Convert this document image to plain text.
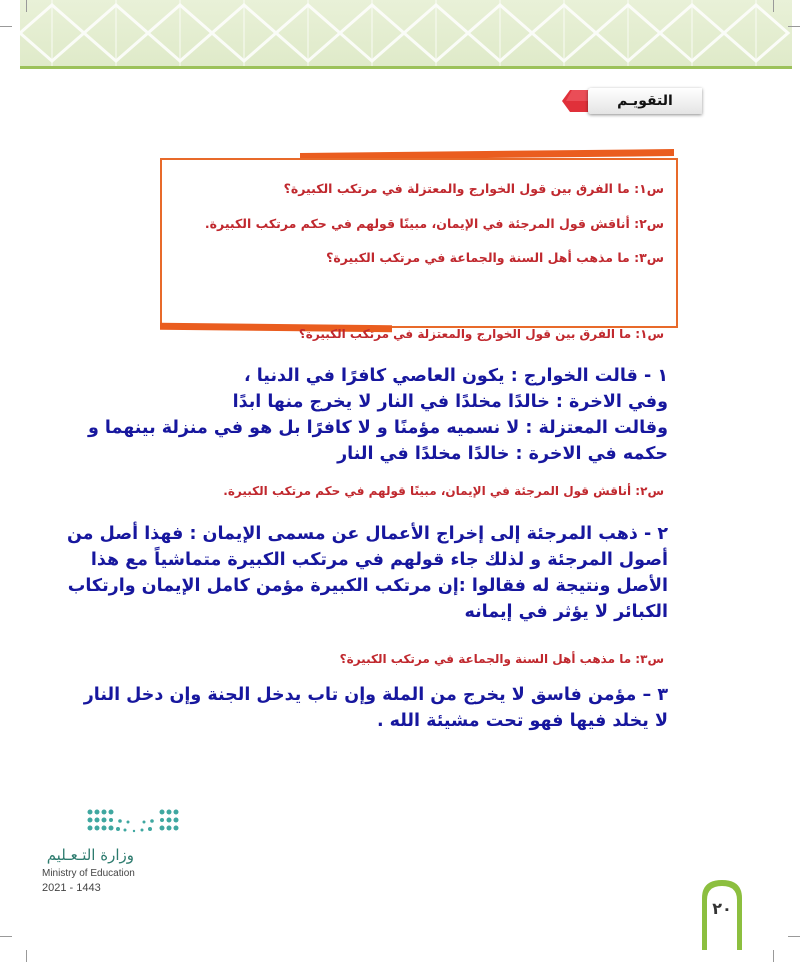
التقويـم
س١: ما الفرق بين قول الخوارج والمعتزلة في مرتكب الكبيرة؟
س٢: أناقش قول المرجئة في الإيمان، مبينًا قولهم في حكم مرتكب الكبيرة.
س٣: ما مذهب أهل السنة والجماعة في مرتكب الكبيرة؟
س١: ما الفرق بين قول الخوارج والمعتزلة في مرتكب الكبيرة؟
١ - قالت الخوارج : يكون العاصي كافرًا في الدنيا ،
وفي الاخرة : خالدًا مخلدًا في النار لا يخرج منها ابدًا
وقالت المعتزلة : لا نسميه مؤمنًا و لا كافرًا بل هو في منزلة بينهما و
حكمه في الاخرة : خالدًا مخلدًا في النار
س٢: أناقش قول المرجئة في الإيمان، مبينًا قولهم في حكم مرتكب الكبيرة.
٢ - ذهب المرجئة إلى إخراج الأعمال عن مسمى الإيمان : فهذا أصل من
أصول المرجئة و لذلك جاء قولهم في مرتكب الكبيرة متماشياً مع هذا
الأصل ونتيجة له فقالوا :إن مرتكب الكبيرة مؤمن كامل الإيمان وارتكاب
الكبائر لا يؤثر في إيمانه
س٣: ما مذهب أهل السنة والجماعة في مرتكب الكبيرة؟
٣ – مؤمن فاسق لا يخرج من الملة وإن تاب يدخل الجنة وإن دخل النار
لا يخلد فيها فهو تحت مشيئة الله .
وزارة التـعـليم
Ministry of Education
2021 - 1443
٢٠
